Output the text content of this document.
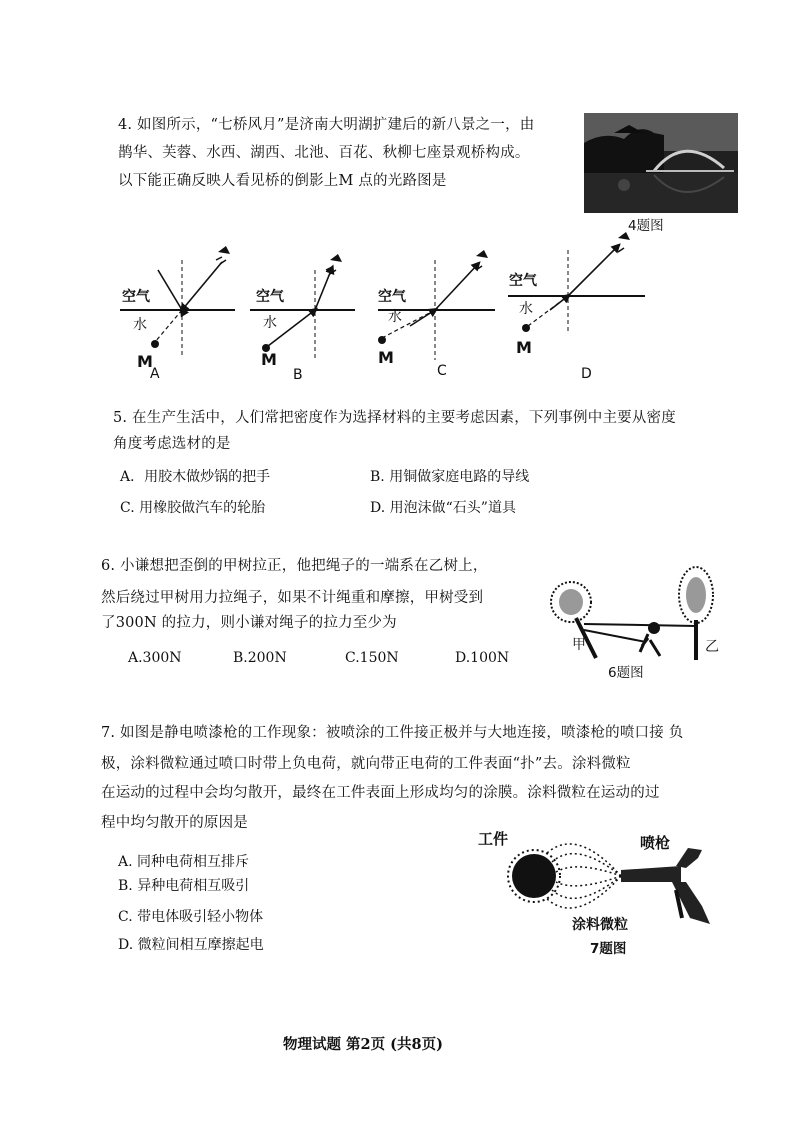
4. 如图所示，“七桥风月”是济南大明湖扩建后的新八景之一，由
鹊华、芙蓉、水西、湖西、北池、百花、秋柳七座景观桥构成。
以下能正确反映人看见桥的倒影上M 点的光路图是
4题图
空气
水
M
A
空气
水
M
B
空气
水
M
C
空气
水
M
D
5. 在生产生活中，人们常把密度作为选择材料的主要考虑因素，下列事例中主要从密度
角度考虑选材的是
A．用胶木做炒锅的把手	B. 用铜做家庭电路的导线
C. 用橡胶做汽车的轮胎	D. 用泡沫做“石头”道具
6. 小谦想把歪倒的甲树拉正，他把绳子的一端系在乙树上，
然后绕过甲树用力拉绳子，如果不计绳重和摩擦，甲树受到
了300N 的拉力，则小谦对绳子的拉力至少为
A.300N	B.200N	C.150N	D.100N
甲	乙
6题图
7. 如图是静电喷漆枪的工作现象：被喷涂的工件接正极并与大地连接，喷漆枪的喷口接 负
极，涂料微粒通过喷口时带上负电荷，就向带正电荷的工件表面“扑”去。涂料微粒
在运动的过程中会均匀散开，最终在工件表面上形成均匀的涂膜。涂料微粒在运动的过
程中均匀散开的原因是
A. 同种电荷相互排斥
B. 异种电荷相互吸引
C. 带电体吸引轻小物体
D. 微粒间相互摩擦起电
工件	喷枪
涂料微粒
7题图
物理试题 第2页 (共8页)
